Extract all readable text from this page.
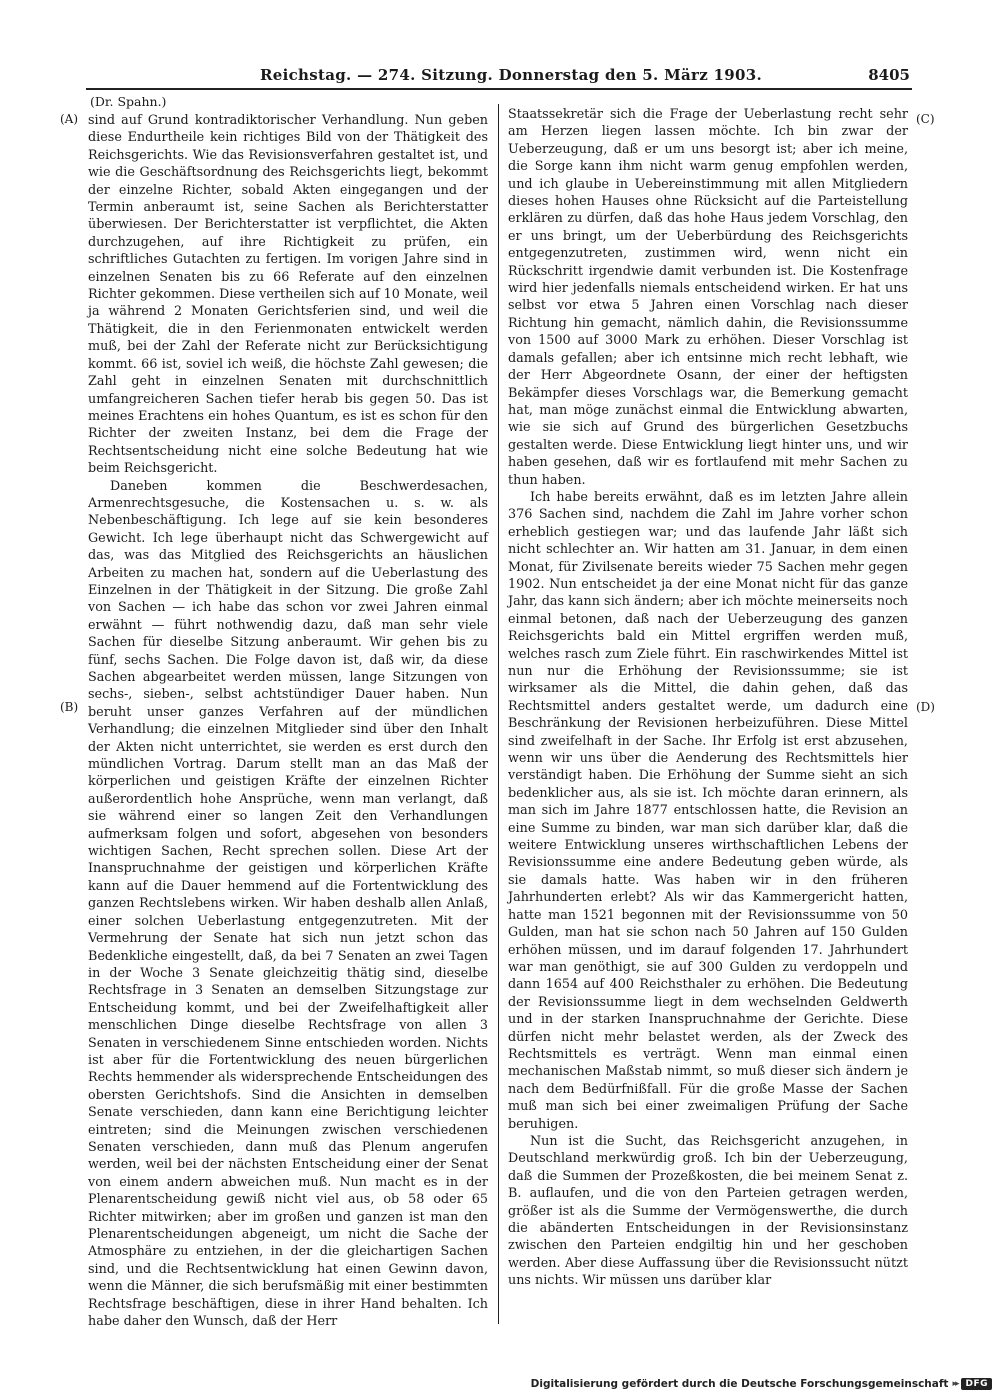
Reichstag. — 274. Sitzung. Donnerstag den 5. März 1903.	8405
(Dr. Spahn.)
(A)
(B)
(C)
(D)

sind auf Grund kontradiktorischer Verhandlung. Nun geben diese Endurtheile kein richtiges Bild von der Thätigkeit des Reichsgerichts. Wie das Revisionsverfahren gestaltet ist, und wie die Geschäftsordnung des Reichsgerichts liegt, bekommt der einzelne Richter, sobald Akten eingegangen und der Termin anberaumt ist, seine Sachen als Berichterstatter überwiesen. Der Berichterstatter ist verpflichtet, die Akten durchzugehen, auf ihre Richtigkeit zu prüfen, ein schriftliches Gutachten zu fertigen. Im vorigen Jahre sind in einzelnen Senaten bis zu 66 Referate auf den einzelnen Richter gekommen. Diese vertheilen sich auf 10 Monate, weil ja während 2 Monaten Gerichtsferien sind, und weil die Thätigkeit, die in den Ferienmonaten entwickelt werden muß, bei der Zahl der Referate nicht zur Berücksichtigung kommt. 66 ist, soviel ich weiß, die höchste Zahl gewesen; die Zahl geht in einzelnen Senaten mit durchschnittlich umfangreicheren Sachen tiefer herab bis gegen 50. Das ist meines Erachtens ein hohes Quantum, es ist es schon für den Richter der zweiten Instanz, bei dem die Frage der Rechtsentscheidung nicht eine solche Bedeutung hat wie beim Reichsgericht.

Daneben kommen die Beschwerdesachen, Armenrechtsgesuche, die Kostensachen u. s. w. als Nebenbeschäftigung. Ich lege auf sie kein besonderes Gewicht. Ich lege überhaupt nicht das Schwergewicht auf das, was das Mitglied des Reichsgerichts an häuslichen Arbeiten zu machen hat, sondern auf die Ueberlastung des Einzelnen in der Thätigkeit in der Sitzung. Die große Zahl von Sachen — ich habe das schon vor zwei Jahren einmal erwähnt — führt nothwendig dazu, daß man sehr viele Sachen für dieselbe Sitzung anberaumt. Wir gehen bis zu fünf, sechs Sachen. Die Folge davon ist, daß wir, da diese Sachen abgearbeitet werden müssen, lange Sitzungen von sechs-, sieben-, selbst achtstündiger Dauer haben. Nun beruht unser ganzes Verfahren auf der mündlichen Verhandlung; die einzelnen Mitglieder sind über den Inhalt der Akten nicht unterrichtet, sie werden es erst durch den mündlichen Vortrag. Darum stellt man an das Maß der körperlichen und geistigen Kräfte der einzelnen Richter außerordentlich hohe Ansprüche, wenn man verlangt, daß sie während einer so langen Zeit den Verhandlungen aufmerksam folgen und sofort, abgesehen von besonders wichtigen Sachen, Recht sprechen sollen. Diese Art der Inanspruchnahme der geistigen und körperlichen Kräfte kann auf die Dauer hemmend auf die Fortentwicklung des ganzen Rechtslebens wirken. Wir haben deshalb allen Anlaß, einer solchen Ueberlastung entgegenzutreten. Mit der Vermehrung der Senate hat sich nun jetzt schon das Bedenkliche eingestellt, daß, da bei 7 Senaten an zwei Tagen in der Woche 3 Senate gleichzeitig thätig sind, dieselbe Rechtsfrage in 3 Senaten an demselben Sitzungstage zur Entscheidung kommt, und bei der Zweifelhaftigkeit aller menschlichen Dinge dieselbe Rechtsfrage von allen 3 Senaten in verschiedenem Sinne entschieden worden. Nichts ist aber für die Fortentwicklung des neuen bürgerlichen Rechts hemmender als widersprechende Entscheidungen des obersten Gerichtshofs. Sind die Ansichten in demselben Senate verschieden, dann kann eine Berichtigung leichter eintreten; sind die Meinungen zwischen verschiedenen Senaten verschieden, dann muß das Plenum angerufen werden, weil bei der nächsten Entscheidung einer der Senat von einem andern abweichen muß. Nun macht es in der Plenarentscheidung gewiß nicht viel aus, ob 58 oder 65 Richter mitwirken; aber im großen und ganzen ist man den Plenarentscheidungen abgeneigt, um nicht die Sache der Atmosphäre zu entziehen, in der die gleichartigen Sachen sind, und die Rechtsentwicklung hat einen Gewinn davon, wenn die Männer, die sich berufsmäßig mit einer bestimmten Rechtsfrage beschäftigen, diese in ihrer Hand behalten. Ich habe daher den Wunsch, daß der Herr

Staatssekretär sich die Frage der Ueberlastung recht sehr am Herzen liegen lassen möchte. Ich bin zwar der Ueberzeugung, daß er um uns besorgt ist; aber ich meine, die Sorge kann ihm nicht warm genug empfohlen werden, und ich glaube in Uebereinstimmung mit allen Mitgliedern dieses hohen Hauses ohne Rücksicht auf die Parteistellung erklären zu dürfen, daß das hohe Haus jedem Vorschlag, den er uns bringt, um der Ueberbürdung des Reichsgerichts entgegenzutreten, zustimmen wird, wenn nicht ein Rückschritt irgendwie damit verbunden ist. Die Kostenfrage wird hier jedenfalls niemals entscheidend wirken. Er hat uns selbst vor etwa 5 Jahren einen Vorschlag nach dieser Richtung hin gemacht, nämlich dahin, die Revisionssumme von 1500 auf 3000 Mark zu erhöhen. Dieser Vorschlag ist damals gefallen; aber ich entsinne mich recht lebhaft, wie der Herr Abgeordnete Osann, der einer der heftigsten Bekämpfer dieses Vorschlags war, die Bemerkung gemacht hat, man möge zunächst einmal die Entwicklung abwarten, wie sie sich auf Grund des bürgerlichen Gesetzbuchs gestalten werde. Diese Entwicklung liegt hinter uns, und wir haben gesehen, daß wir es fortlaufend mit mehr Sachen zu thun haben.

Ich habe bereits erwähnt, daß es im letzten Jahre allein 376 Sachen sind, nachdem die Zahl im Jahre vorher schon erheblich gestiegen war; und das laufende Jahr läßt sich nicht schlechter an. Wir hatten am 31. Januar, in dem einen Monat, für Zivilsenate bereits wieder 75 Sachen mehr gegen 1902. Nun entscheidet ja der eine Monat nicht für das ganze Jahr, das kann sich ändern; aber ich möchte meinerseits noch einmal betonen, daß nach der Ueberzeugung des ganzen Reichsgerichts bald ein Mittel ergriffen werden muß, welches rasch zum Ziele führt. Ein raschwirkendes Mittel ist nun nur die Erhöhung der Revisionssumme; sie ist wirksamer als die Mittel, die dahin gehen, daß das Rechtsmittel anders gestaltet werde, um dadurch eine Beschränkung der Revisionen herbeizuführen. Diese Mittel sind zweifelhaft in der Sache. Ihr Erfolg ist erst abzusehen, wenn wir uns über die Aenderung des Rechtsmittels hier verständigt haben. Die Erhöhung der Summe sieht an sich bedenklicher aus, als sie ist. Ich möchte daran erinnern, als man sich im Jahre 1877 entschlossen hatte, die Revision an eine Summe zu binden, war man sich darüber klar, daß die weitere Entwicklung unseres wirthschaftlichen Lebens der Revisionssumme eine andere Bedeutung geben würde, als sie damals hatte. Was haben wir in den früheren Jahrhunderten erlebt? Als wir das Kammergericht hatten, hatte man 1521 begonnen mit der Revisionssumme von 50 Gulden, man hat sie schon nach 50 Jahren auf 150 Gulden erhöhen müssen, und im darauf folgenden 17. Jahrhundert war man genöthigt, sie auf 300 Gulden zu verdoppeln und dann 1654 auf 400 Reichsthaler zu erhöhen. Die Bedeutung der Revisionssumme liegt in dem wechselnden Geldwerth und in der starken Inanspruchnahme der Gerichte. Diese dürfen nicht mehr belastet werden, als der Zweck des Rechtsmittels es verträgt. Wenn man einmal einen mechanischen Maßstab nimmt, so muß dieser sich ändern je nach dem Bedürfnißfall. Für die große Masse der Sachen muß man sich bei einer zweimaligen Prüfung der Sache beruhigen.

Nun ist die Sucht, das Reichsgericht anzugehen, in Deutschland merkwürdig groß. Ich bin der Ueberzeugung, daß die Summen der Prozeßkosten, die bei meinem Senat z. B. auflaufen, und die von den Parteien getragen werden, größer ist als die Summe der Vermögenswerthe, die durch die abänderten Entscheidungen in der Revisionsinstanz zwischen den Parteien endgiltig hin und her geschoben werden. Aber diese Auffassung über die Revisionssucht nützt uns nichts. Wir müssen uns darüber klar

Digitalisierung gefördert durch die Deutsche Forschungsgemeinschaft ▸▸ DFG
